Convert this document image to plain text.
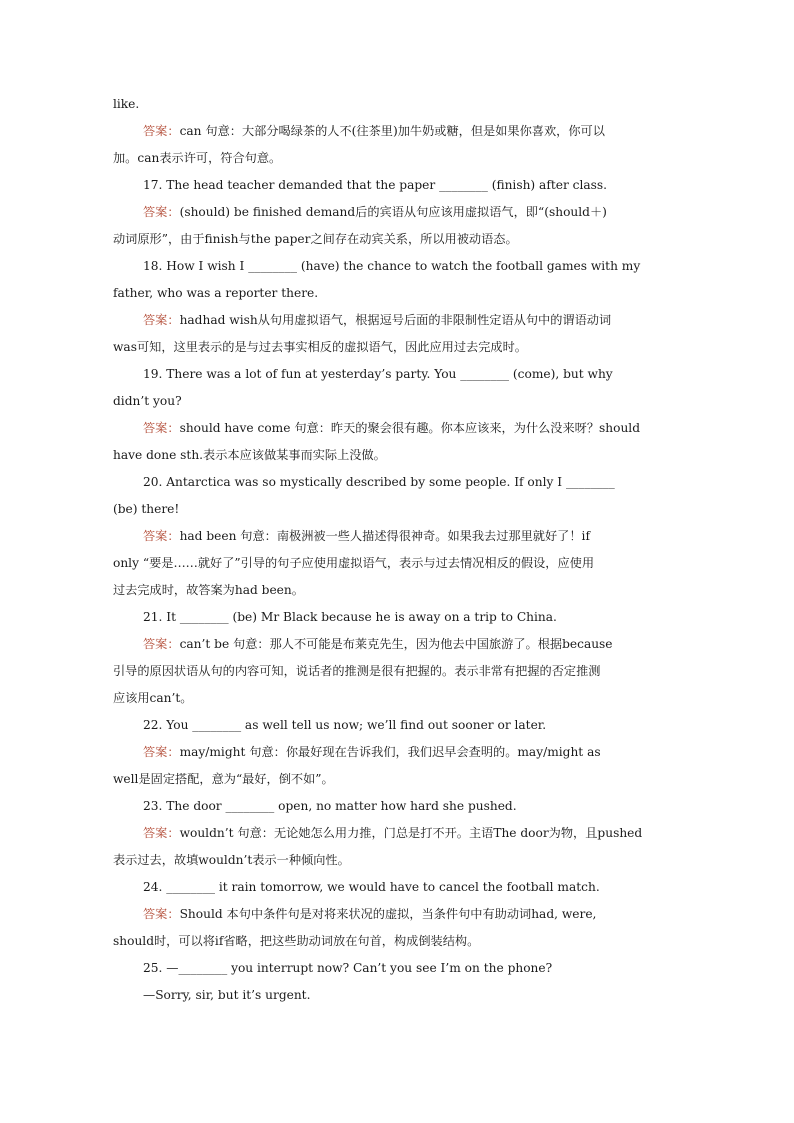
like.
答案：can 句意：大部分喝绿茶的人不(往茶里)加牛奶或糖，但是如果你喜欢，你可以
加。can表示许可，符合句意。
17. The head teacher demanded that the paper ________ (finish) after class.
答案：(should) be finished demand后的宾语从句应该用虚拟语气，即“(should＋)
动词原形”，由于finish与the paper之间存在动宾关系，所以用被动语态。
18. How I wish I ________ (have) the chance to watch the football games with my
father, who was a reporter there.
答案：hadhad wish从句用虚拟语气，根据逗号后面的非限制性定语从句中的谓语动词
was可知，这里表示的是与过去事实相反的虚拟语气，因此应用过去完成时。
19. There was a lot of fun at yesterday’s party. You ________ (come), but why
didn’t you?
答案：should have come 句意：昨天的聚会很有趣。你本应该来，为什么没来呀？should
have done sth.表示本应该做某事而实际上没做。
20. Antarctica was so mystically described by some people. If only I ________
(be) there!
答案：had been 句意：南极洲被一些人描述得很神奇。如果我去过那里就好了！if
only “要是……就好了”引导的句子应使用虚拟语气，表示与过去情况相反的假设，应使用
过去完成时，故答案为had been。
21. It ________ (be) Mr Black because he is away on a trip to China.
答案：can’t be 句意：那人不可能是布莱克先生，因为他去中国旅游了。根据because
引导的原因状语从句的内容可知，说话者的推测是很有把握的。表示非常有把握的否定推测
应该用can’t。
22. You ________ as well tell us now; we’ll find out sooner or later.
答案：may/might 句意：你最好现在告诉我们，我们迟早会查明的。may/might as
well是固定搭配，意为“最好，倒不如”。
23. The door ________ open, no matter how hard she pushed.
答案：wouldn’t 句意：无论她怎么用力推，门总是打不开。主语The door为物，且pushed
表示过去，故填wouldn’t表示一种倾向性。
24. ________ it rain tomorrow, we would have to cancel the football match.
答案：Should 本句中条件句是对将来状况的虚拟，当条件句中有助动词had, were,
should时，可以将if省略，把这些助动词放在句首，构成倒装结构。
25. —________ you interrupt now? Can’t you see I’m on the phone?
—Sorry, sir, but it’s urgent.
